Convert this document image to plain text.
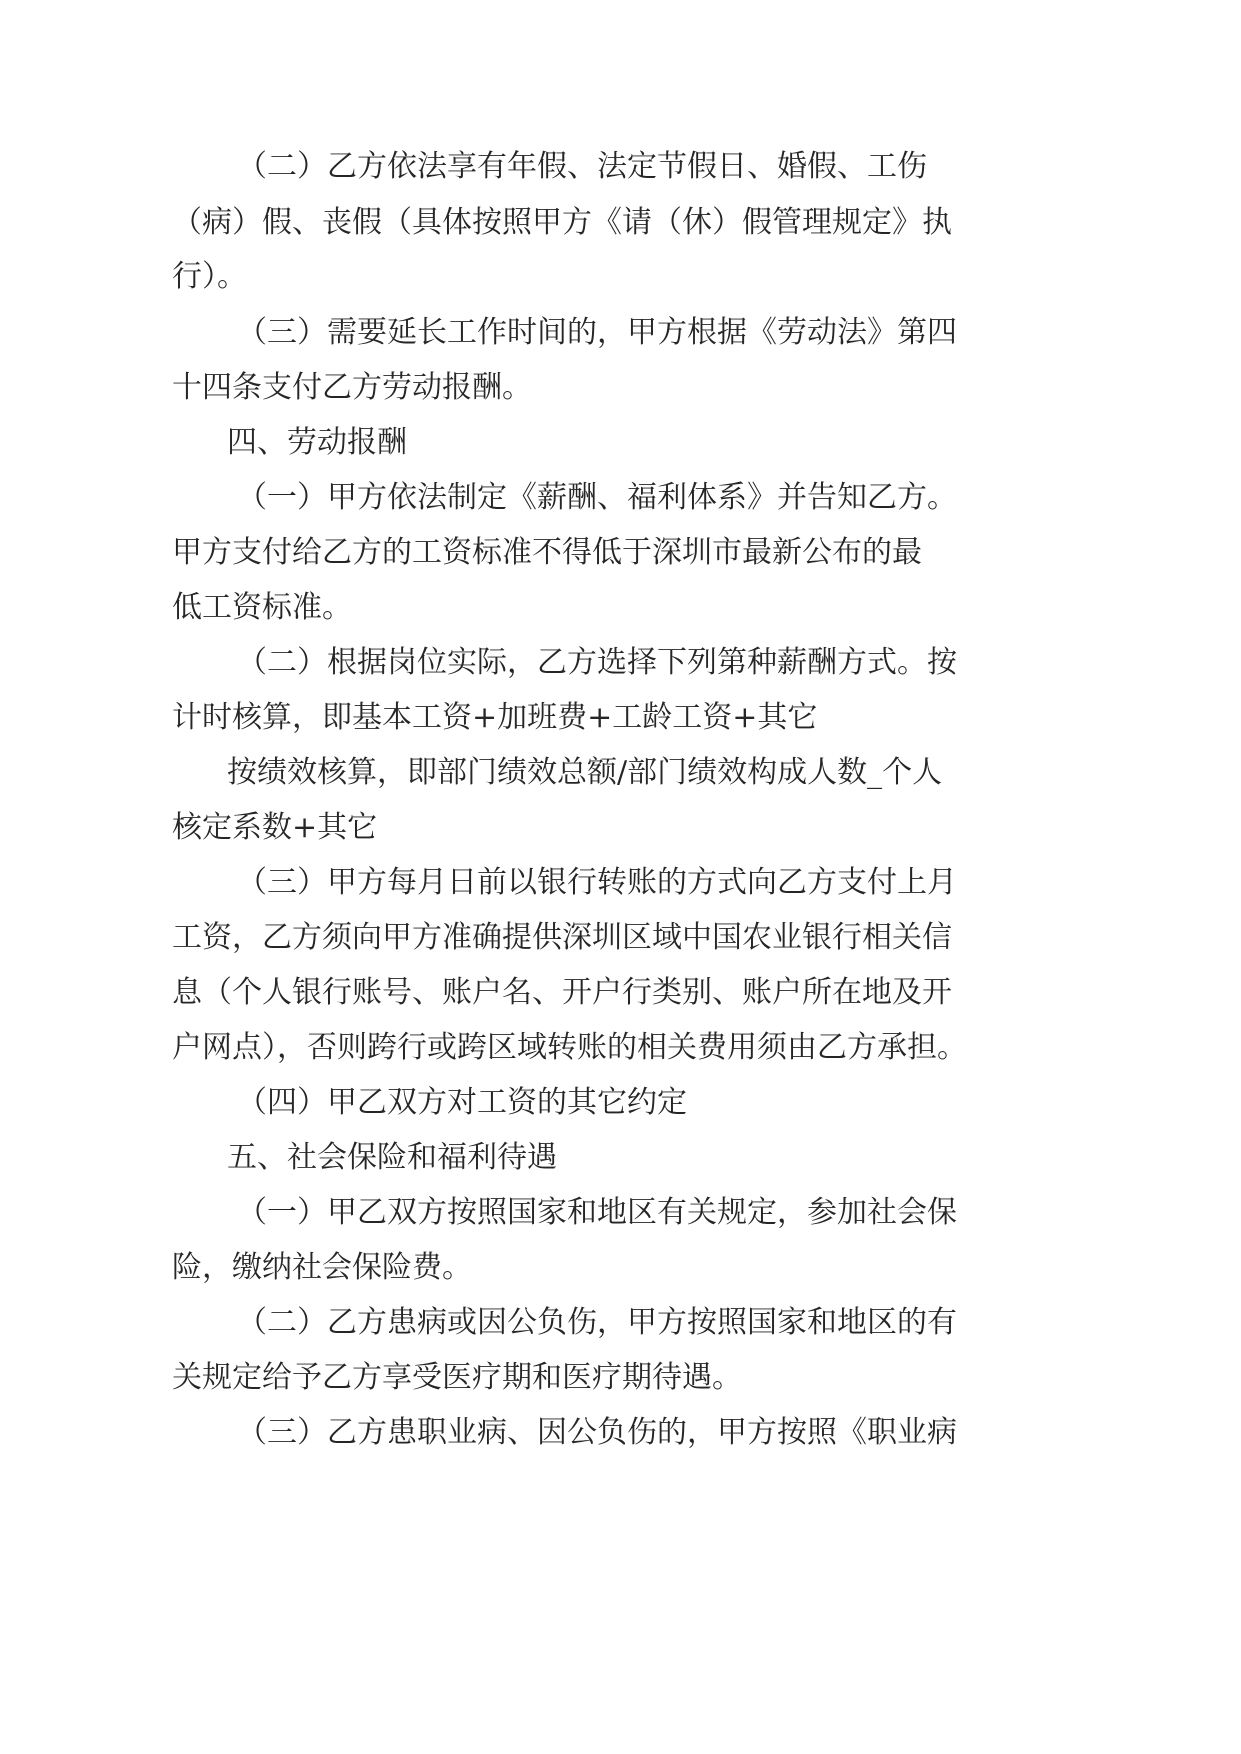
（二）乙方依法享有年假、法定节假日、婚假、工伤

（病）假、丧假（具体按照甲方《请（休）假管理规定》执

行）。

（三）需要延长工作时间的，甲方根据《劳动法》第四

十四条支付乙方劳动报酬。

四、劳动报酬

（一）甲方依法制定《薪酬、福利体系》并告知乙方。

甲方支付给乙方的工资标准不得低于深圳市最新公布的最

低工资标准。

（二）根据岗位实际，乙方选择下列第种薪酬方式。按

计时核算，即基本工资+加班费+工龄工资+其它

按绩效核算，即部门绩效总额/部门绩效构成人数_个人

核定系数+其它

（三）甲方每月日前以银行转账的方式向乙方支付上月

工资，乙方须向甲方准确提供深圳区域中国农业银行相关信

息（个人银行账号、账户名、开户行类别、账户所在地及开

户网点），否则跨行或跨区域转账的相关费用须由乙方承担。

（四）甲乙双方对工资的其它约定

五、社会保险和福利待遇

（一）甲乙双方按照国家和地区有关规定，参加社会保

险，缴纳社会保险费。

（二）乙方患病或因公负伤，甲方按照国家和地区的有

关规定给予乙方享受医疗期和医疗期待遇。

（三）乙方患职业病、因公负伤的，甲方按照《职业病
